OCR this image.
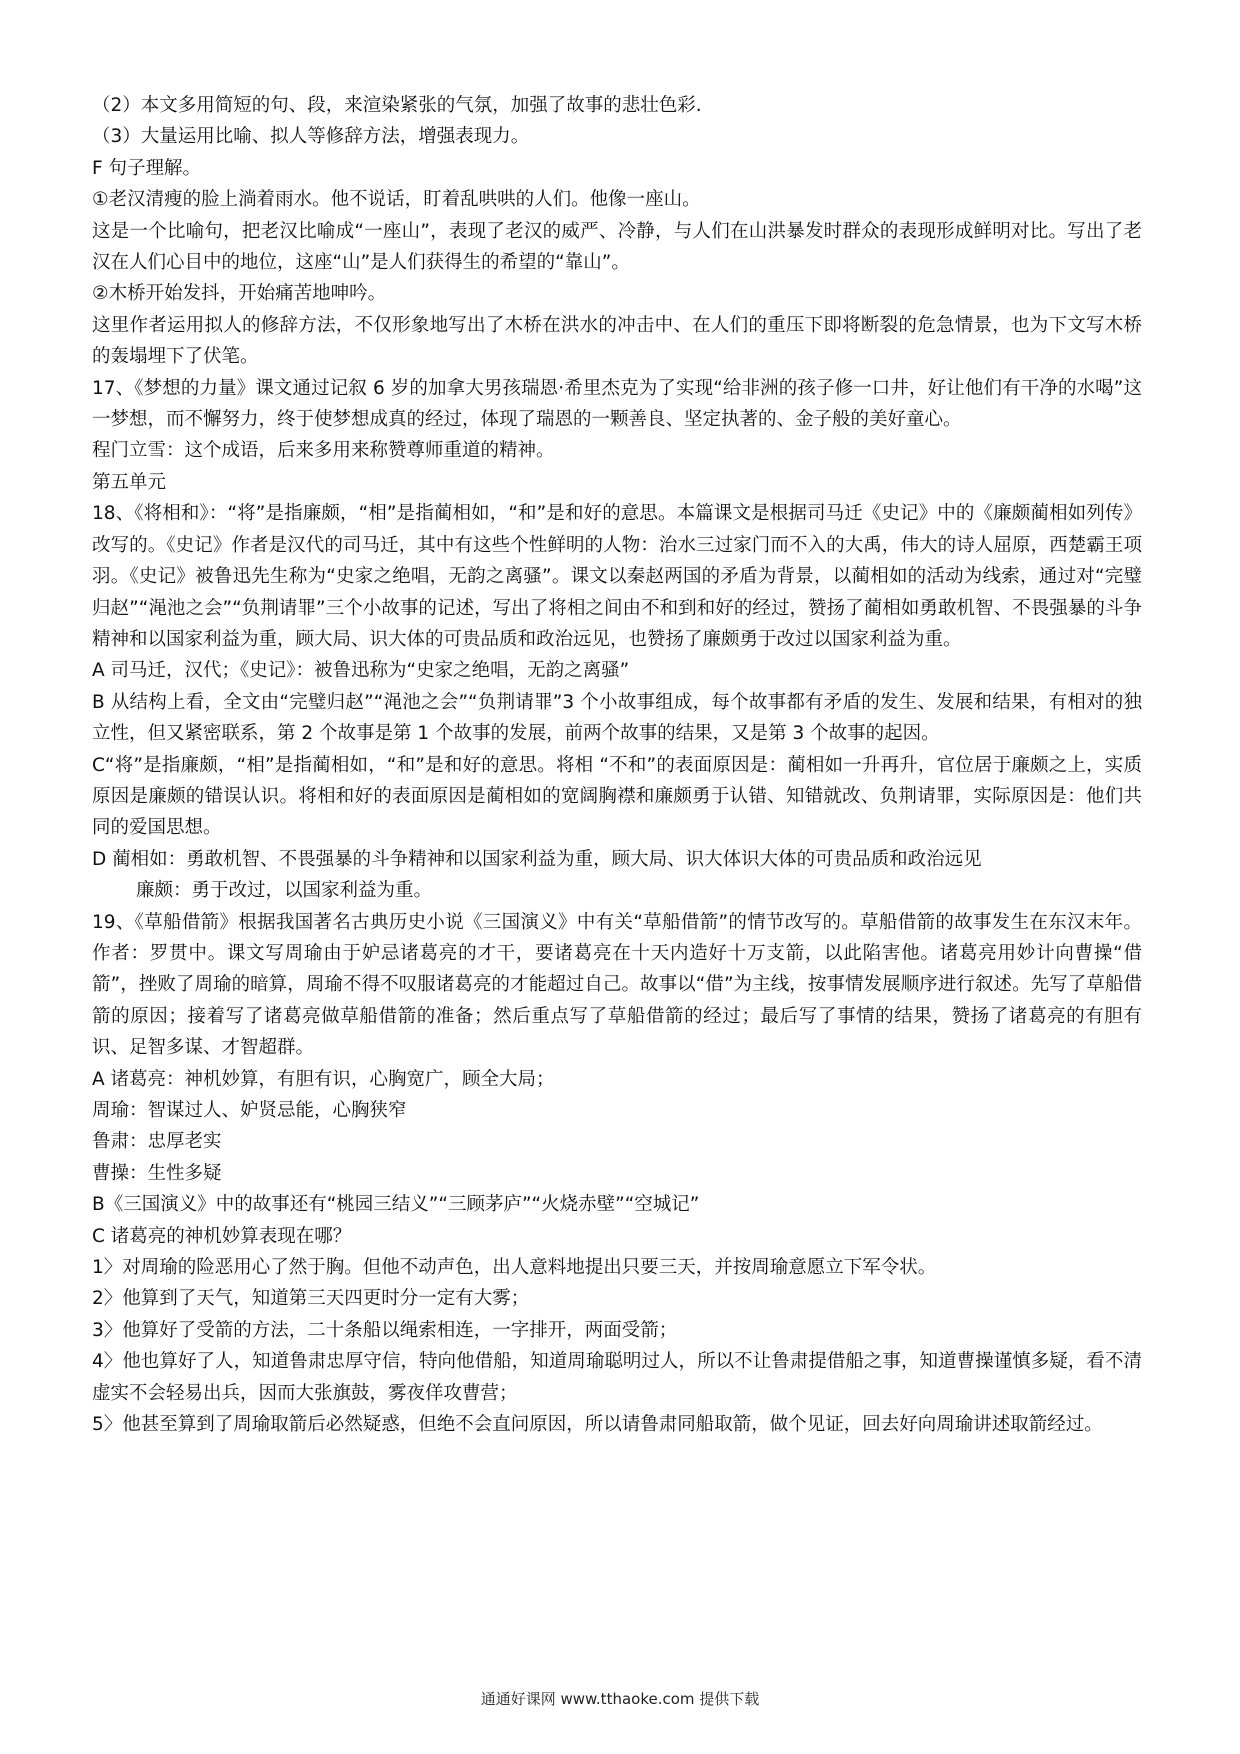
（2）本文多用简短的句、段，来渲染紧张的气氛，加强了故事的悲壮色彩.

（3）大量运用比喻、拟人等修辞方法，增强表现力。

F 句子理解。

①老汉清瘦的脸上淌着雨水。他不说话，盯着乱哄哄的人们。他像一座山。

这是一个比喻句，把老汉比喻成“一座山”，表现了老汉的威严、冷静，与人们在山洪暴发时群众的表现形成鲜明对比。写出了老汉在人们心目中的地位，这座“山”是人们获得生的希望的“靠山”。

②木桥开始发抖，开始痛苦地呻吟。

这里作者运用拟人的修辞方法，不仅形象地写出了木桥在洪水的冲击中、在人们的重压下即将断裂的危急情景，也为下文写木桥的轰塌埋下了伏笔。

17、《梦想的力量》课文通过记叙 6 岁的加拿大男孩瑞恩·希里杰克为了实现“给非洲的孩子修一口井，好让他们有干净的水喝”这一梦想，而不懈努力，终于使梦想成真的经过，体现了瑞恩的一颗善良、坚定执著的、金子般的美好童心。

程门立雪：这个成语，后来多用来称赞尊师重道的精神。

第五单元

18、《将相和》：“将”是指廉颇，“相”是指蔺相如，“和”是和好的意思。本篇课文是根据司马迁《史记》中的《廉颇蔺相如列传》改写的。《史记》作者是汉代的司马迁，其中有这些个性鲜明的人物：治水三过家门而不入的大禹，伟大的诗人屈原，西楚霸王项羽。《史记》被鲁迅先生称为“史家之绝唱，无韵之离骚”。课文以秦赵两国的矛盾为背景，以蔺相如的活动为线索，通过对“完璧归赵”“渑池之会”“负荆请罪”三个小故事的记述，写出了将相之间由不和到和好的经过，赞扬了蔺相如勇敢机智、不畏强暴的斗争精神和以国家利益为重，顾大局、识大体的可贵品质和政治远见，也赞扬了廉颇勇于改过以国家利益为重。

A 司马迁，汉代；《史记》：被鲁迅称为“史家之绝唱，无韵之离骚”

B 从结构上看，全文由“完璧归赵”“渑池之会”“负荆请罪”3 个小故事组成，每个故事都有矛盾的发生、发展和结果，有相对的独立性，但又紧密联系，第 2 个故事是第 1 个故事的发展，前两个故事的结果，又是第 3 个故事的起因。

C“将”是指廉颇，“相”是指蔺相如，“和”是和好的意思。将相 “不和”的表面原因是：蔺相如一升再升，官位居于廉颇之上，实质原因是廉颇的错误认识。将相和好的表面原因是蔺相如的宽阔胸襟和廉颇勇于认错、知错就改、负荆请罪，实际原因是：他们共同的爱国思想。

D 蔺相如：勇敢机智、不畏强暴的斗争精神和以国家利益为重，顾大局、识大体识大体的可贵品质和政治远见

廉颇：勇于改过，以国家利益为重。

19、《草船借箭》根据我国著名古典历史小说《三国演义》中有关“草船借箭”的情节改写的。草船借箭的故事发生在东汉末年。作者：罗贯中。课文写周瑜由于妒忌诸葛亮的才干，要诸葛亮在十天内造好十万支箭，以此陷害他。诸葛亮用妙计向曹操“借箭”，挫败了周瑜的暗算，周瑜不得不叹服诸葛亮的才能超过自己。故事以“借”为主线，按事情发展顺序进行叙述。先写了草船借箭的原因；接着写了诸葛亮做草船借箭的准备；然后重点写了草船借箭的经过；最后写了事情的结果，赞扬了诸葛亮的有胆有识、足智多谋、才智超群。

A 诸葛亮：神机妙算，有胆有识，心胸宽广，顾全大局；

周瑜：智谋过人、妒贤忌能，心胸狭窄

鲁肃：忠厚老实

曹操：生性多疑

B《三国演义》中的故事还有“桃园三结义”“三顾茅庐”“火烧赤壁”“空城记”

C 诸葛亮的神机妙算表现在哪？

1〉对周瑜的险恶用心了然于胸。但他不动声色，出人意料地提出只要三天，并按周瑜意愿立下军令状。

2〉他算到了天气，知道第三天四更时分一定有大雾；

3〉他算好了受箭的方法，二十条船以绳索相连，一字排开，两面受箭；

4〉他也算好了人，知道鲁肃忠厚守信，特向他借船，知道周瑜聪明过人，所以不让鲁肃提借船之事，知道曹操谨慎多疑，看不清虚实不会轻易出兵，因而大张旗鼓，雾夜佯攻曹营；

5〉他甚至算到了周瑜取箭后必然疑惑，但绝不会直问原因，所以请鲁肃同船取箭，做个见证，回去好向周瑜讲述取箭经过。

通通好课网 www.tthaoke.com 提供下载
